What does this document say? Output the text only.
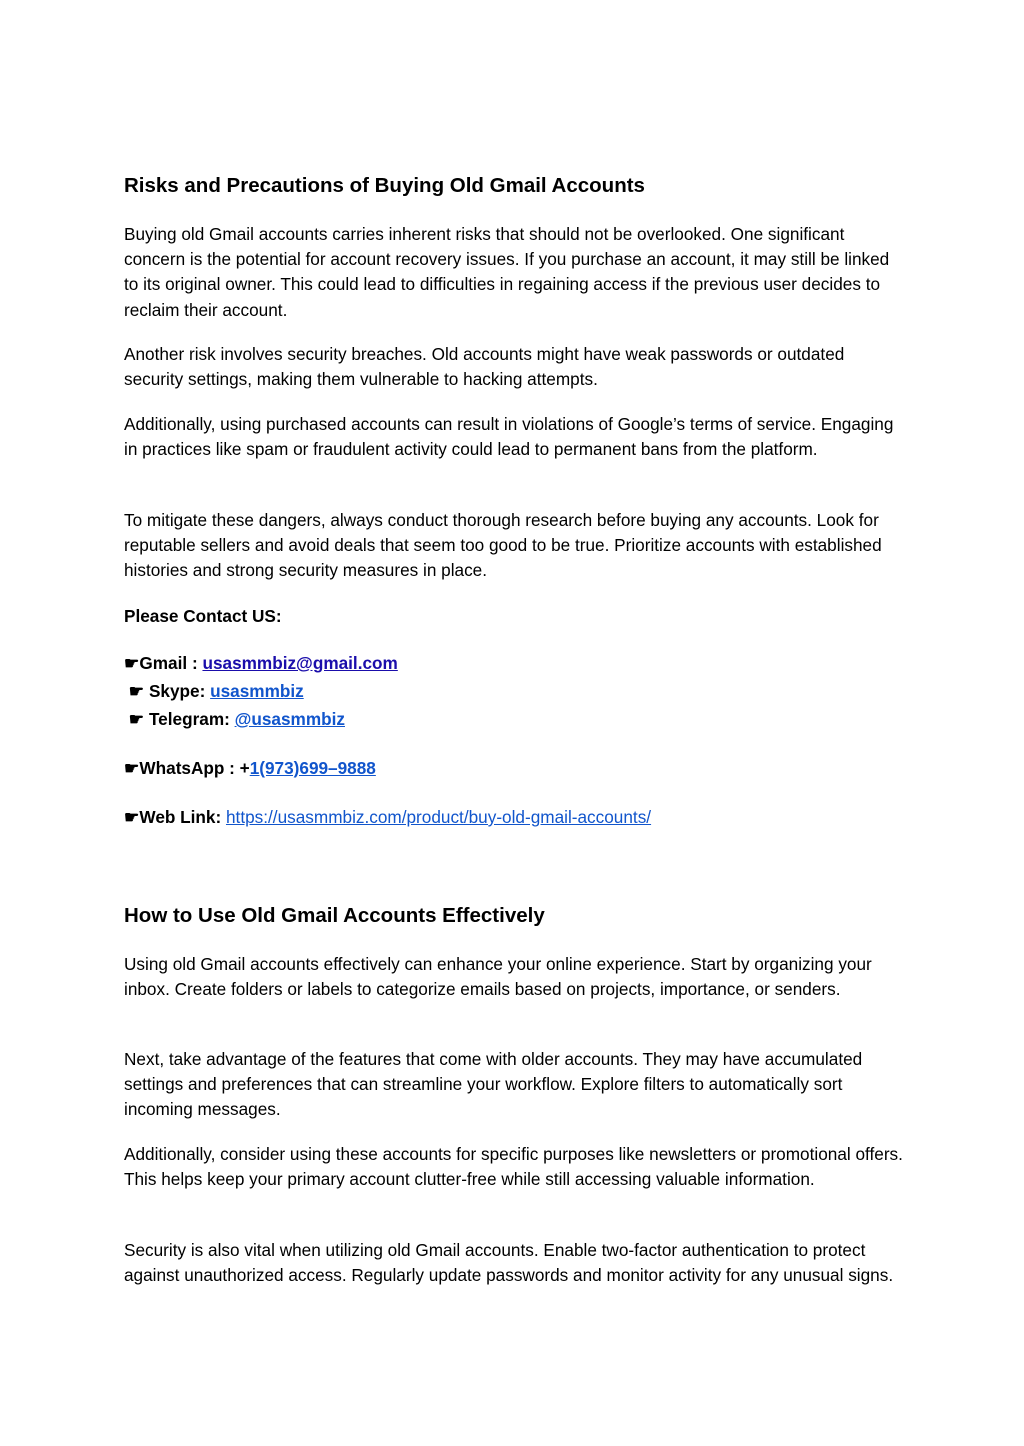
Risks and Precautions of Buying Old Gmail Accounts

Buying old Gmail accounts carries inherent risks that should not be overlooked. One significant concern is the potential for account recovery issues. If you purchase an account, it may still be linked to its original owner. This could lead to difficulties in regaining access if the previous user decides to reclaim their account.

Another risk involves security breaches. Old accounts might have weak passwords or outdated security settings, making them vulnerable to hacking attempts.

Additionally, using purchased accounts can result in violations of Google’s terms of service. Engaging in practices like spam or fraudulent activity could lead to permanent bans from the platform.

To mitigate these dangers, always conduct thorough research before buying any accounts. Look for reputable sellers and avoid deals that seem too good to be true. Prioritize accounts with established histories and strong security measures in place.

Please Contact US:
☛Gmail : usasmmbiz@gmail.com
☛ Skype: usasmmbiz
☛ Telegram: @usasmmbiz
☛WhatsApp : +1(973)699–9888
☛Web Link: https://usasmmbiz.com/product/buy-old-gmail-accounts/
How to Use Old Gmail Accounts Effectively

Using old Gmail accounts effectively can enhance your online experience. Start by organizing your inbox. Create folders or labels to categorize emails based on projects, importance, or senders.

Next, take advantage of the features that come with older accounts. They may have accumulated settings and preferences that can streamline your workflow. Explore filters to automatically sort incoming messages.

Additionally, consider using these accounts for specific purposes like newsletters or promotional offers. This helps keep your primary account clutter-free while still accessing valuable information.

Security is also vital when utilizing old Gmail accounts. Enable two-factor authentication to protect against unauthorized access. Regularly update passwords and monitor activity for any unusual signs.
